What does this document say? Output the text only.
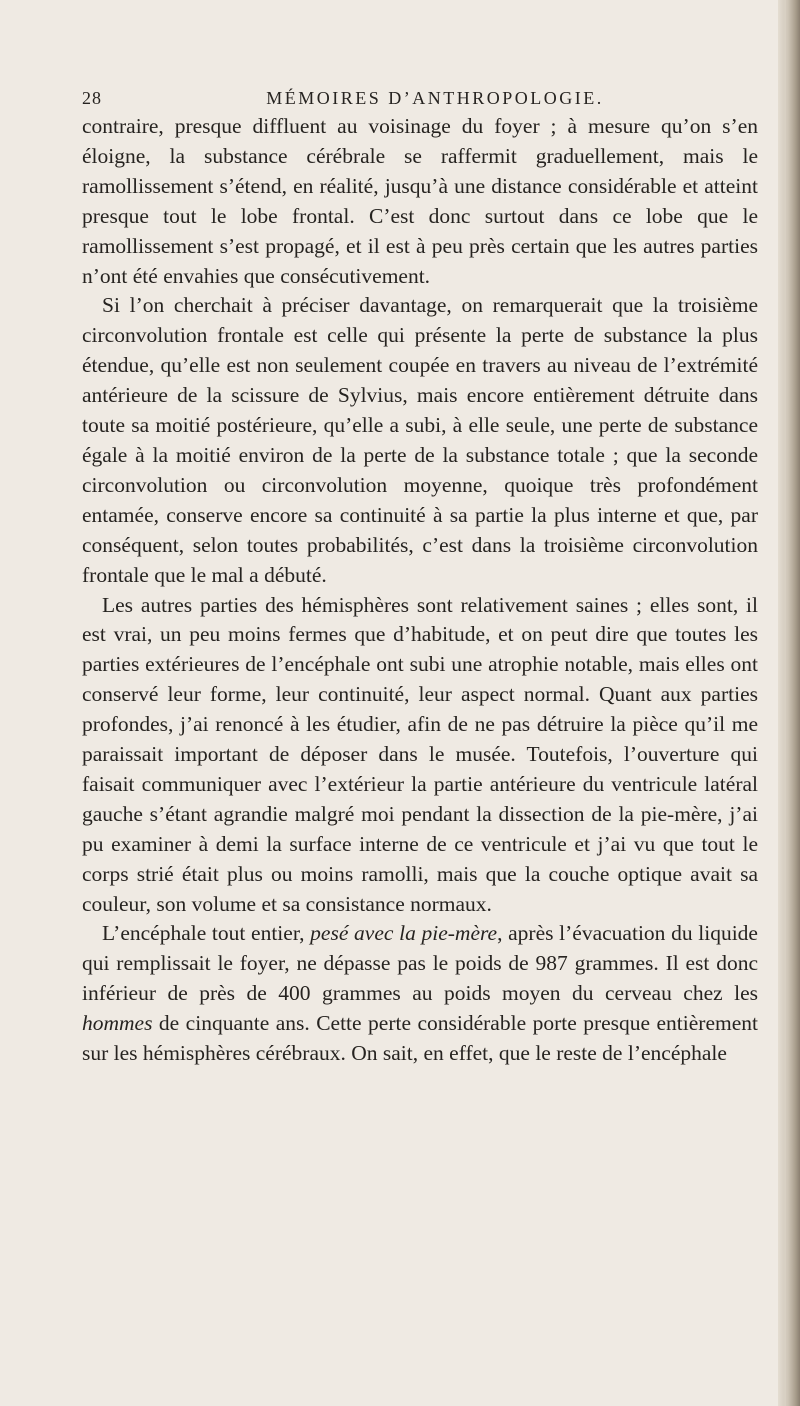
28	MÉMOIRES D’ANTHROPOLOGIE.

contraire, presque diffluent au voisinage du foyer ; à mesure qu’on s’en éloigne, la substance cérébrale se raffermit graduellement, mais le ramollissement s’étend, en réalité, jusqu’à une distance considérable et atteint presque tout le lobe frontal. C’est donc surtout dans ce lobe que le ramollissement s’est propagé, et il est à peu près certain que les autres parties n’ont été envahies que consécutivement.

Si l’on cherchait à préciser davantage, on remarquerait que la troisième circonvolution frontale est celle qui présente la perte de substance la plus étendue, qu’elle est non seulement coupée en travers au niveau de l’extrémité antérieure de la scissure de Sylvius, mais encore entièrement détruite dans toute sa moitié postérieure, qu’elle a subi, à elle seule, une perte de substance égale à la moitié environ de la perte de la substance totale ; que la seconde circonvolution ou circonvolution moyenne, quoique très profondément entamée, conserve encore sa continuité à sa partie la plus interne et que, par conséquent, selon toutes probabilités, c’est dans la troisième circonvolution frontale que le mal a débuté.

Les autres parties des hémisphères sont relativement saines ; elles sont, il est vrai, un peu moins fermes que d’habitude, et on peut dire que toutes les parties extérieures de l’encéphale ont subi une atrophie notable, mais elles ont conservé leur forme, leur continuité, leur aspect normal. Quant aux parties profondes, j’ai renoncé à les étudier, afin de ne pas détruire la pièce qu’il me paraissait important de déposer dans le musée. Toutefois, l’ouverture qui faisait communiquer avec l’extérieur la partie antérieure du ventricule latéral gauche s’étant agrandie malgré moi pendant la dissection de la pie-mère, j’ai pu examiner à demi la surface interne de ce ventricule et j’ai vu que tout le corps strié était plus ou moins ramolli, mais que la couche optique avait sa couleur, son volume et sa consistance normaux.

L’encéphale tout entier, pesé avec la pie-mère, après l’évacuation du liquide qui remplissait le foyer, ne dépasse pas le poids de 987 grammes. Il est donc inférieur de près de 400 grammes au poids moyen du cerveau chez les hommes de cinquante ans. Cette perte considérable porte presque entièrement sur les hémisphères cérébraux. On sait, en effet, que le reste de l’encéphale
